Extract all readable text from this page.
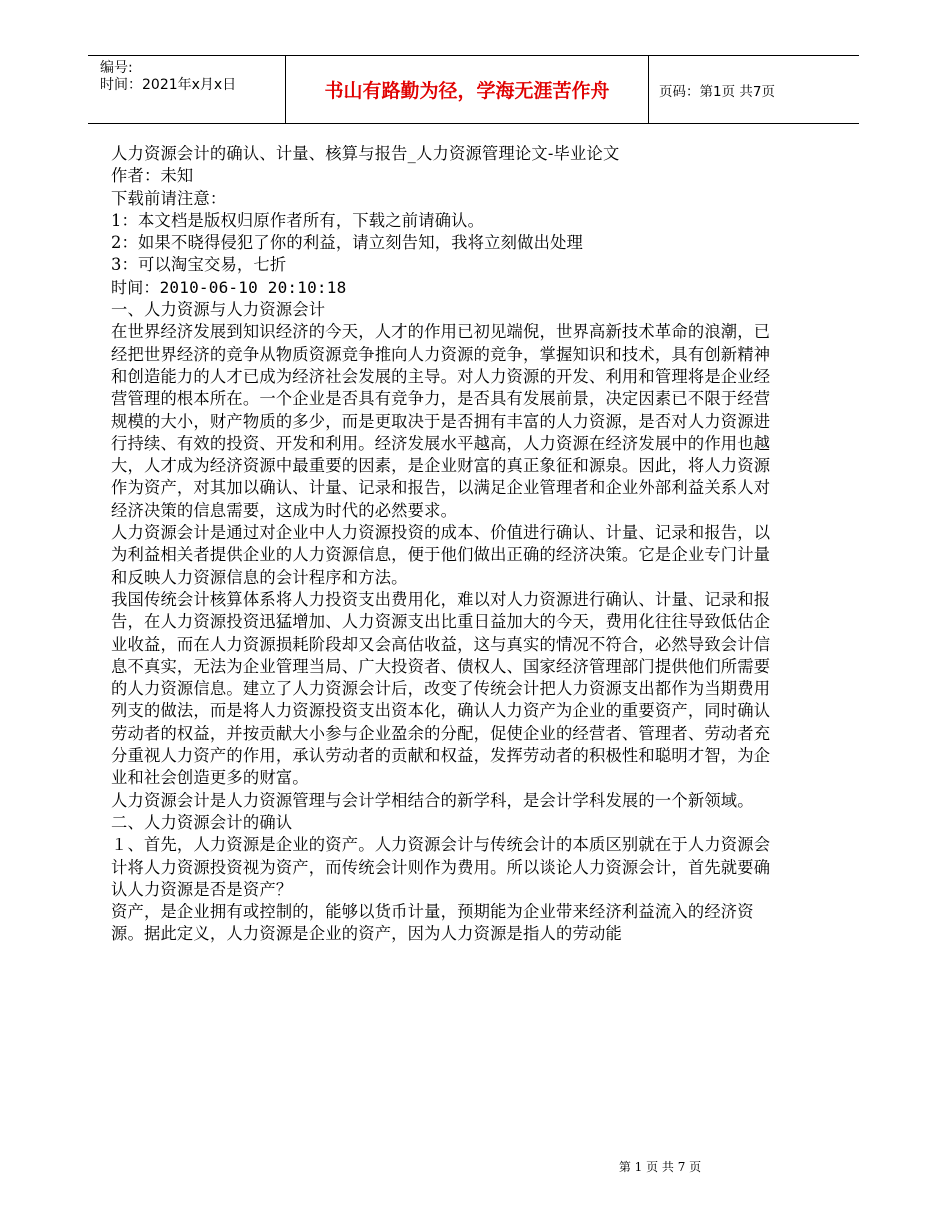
编号:
时间：2021年x月x日	书山有路勤为径，学海无涯苦作舟	页码：第1页 共7页

人力资源会计的确认、计量、核算与报告_人力资源管理论文-毕业论文

作者：未知

下载前请注意：

1：本文档是版权归原作者所有，下载之前请确认。

2：如果不晓得侵犯了你的利益，请立刻告知，我将立刻做出处理

3：可以淘宝交易，七折

时间：2010-06-10 20:10:18

一、人力资源与人力资源会计

在世界经济发展到知识经济的今天，人才的作用已初见端倪，世界高新技术革命的浪潮，已经把世界经济的竞争从物质资源竞争推向人力资源的竞争，掌握知识和技术，具有创新精神和创造能力的人才已成为经济社会发展的主导。对人力资源的开发、利用和管理将是企业经营管理的根本所在。一个企业是否具有竞争力，是否具有发展前景，决定因素已不限于经营规模的大小，财产物质的多少，而是更取决于是否拥有丰富的人力资源，是否对人力资源进行持续、有效的投资、开发和利用。经济发展水平越高，人力资源在经济发展中的作用也越大，人才成为经济资源中最重要的因素，是企业财富的真正象征和源泉。因此，将人力资源作为资产，对其加以确认、计量、记录和报告，以满足企业管理者和企业外部利益关系人对经济决策的信息需要，这成为时代的必然要求。

人力资源会计是通过对企业中人力资源投资的成本、价值进行确认、计量、记录和报告，以为利益相关者提供企业的人力资源信息，便于他们做出正确的经济决策。它是企业专门计量和反映人力资源信息的会计程序和方法。

我国传统会计核算体系将人力投资支出费用化，难以对人力资源进行确认、计量、记录和报告，在人力资源投资迅猛增加、人力资源支出比重日益加大的今天，费用化往往导致低估企业收益，而在人力资源损耗阶段却又会高估收益，这与真实的情况不符合，必然导致会计信息不真实，无法为企业管理当局、广大投资者、债权人、国家经济管理部门提供他们所需要的人力资源信息。建立了人力资源会计后，改变了传统会计把人力资源支出都作为当期费用列支的做法，而是将人力资源投资支出资本化，确认人力资产为企业的重要资产，同时确认劳动者的权益，并按贡献大小参与企业盈余的分配，促使企业的经营者、管理者、劳动者充分重视人力资产的作用，承认劳动者的贡献和权益，发挥劳动者的积极性和聪明才智，为企业和社会创造更多的财富。

人力资源会计是人力资源管理与会计学相结合的新学科，是会计学科发展的一个新领域。

二、人力资源会计的确认

１、首先，人力资源是企业的资产。人力资源会计与传统会计的本质区别就在于人力资源会计将人力资源投资视为资产，而传统会计则作为费用。所以谈论人力资源会计，首先就要确认人力资源是否是资产？

资产，是企业拥有或控制的，能够以货币计量，预期能为企业带来经济利益流入的经济资源。据此定义，人力资源是企业的资产，因为人力资源是指人的劳动能

第 1 页 共 7 页
